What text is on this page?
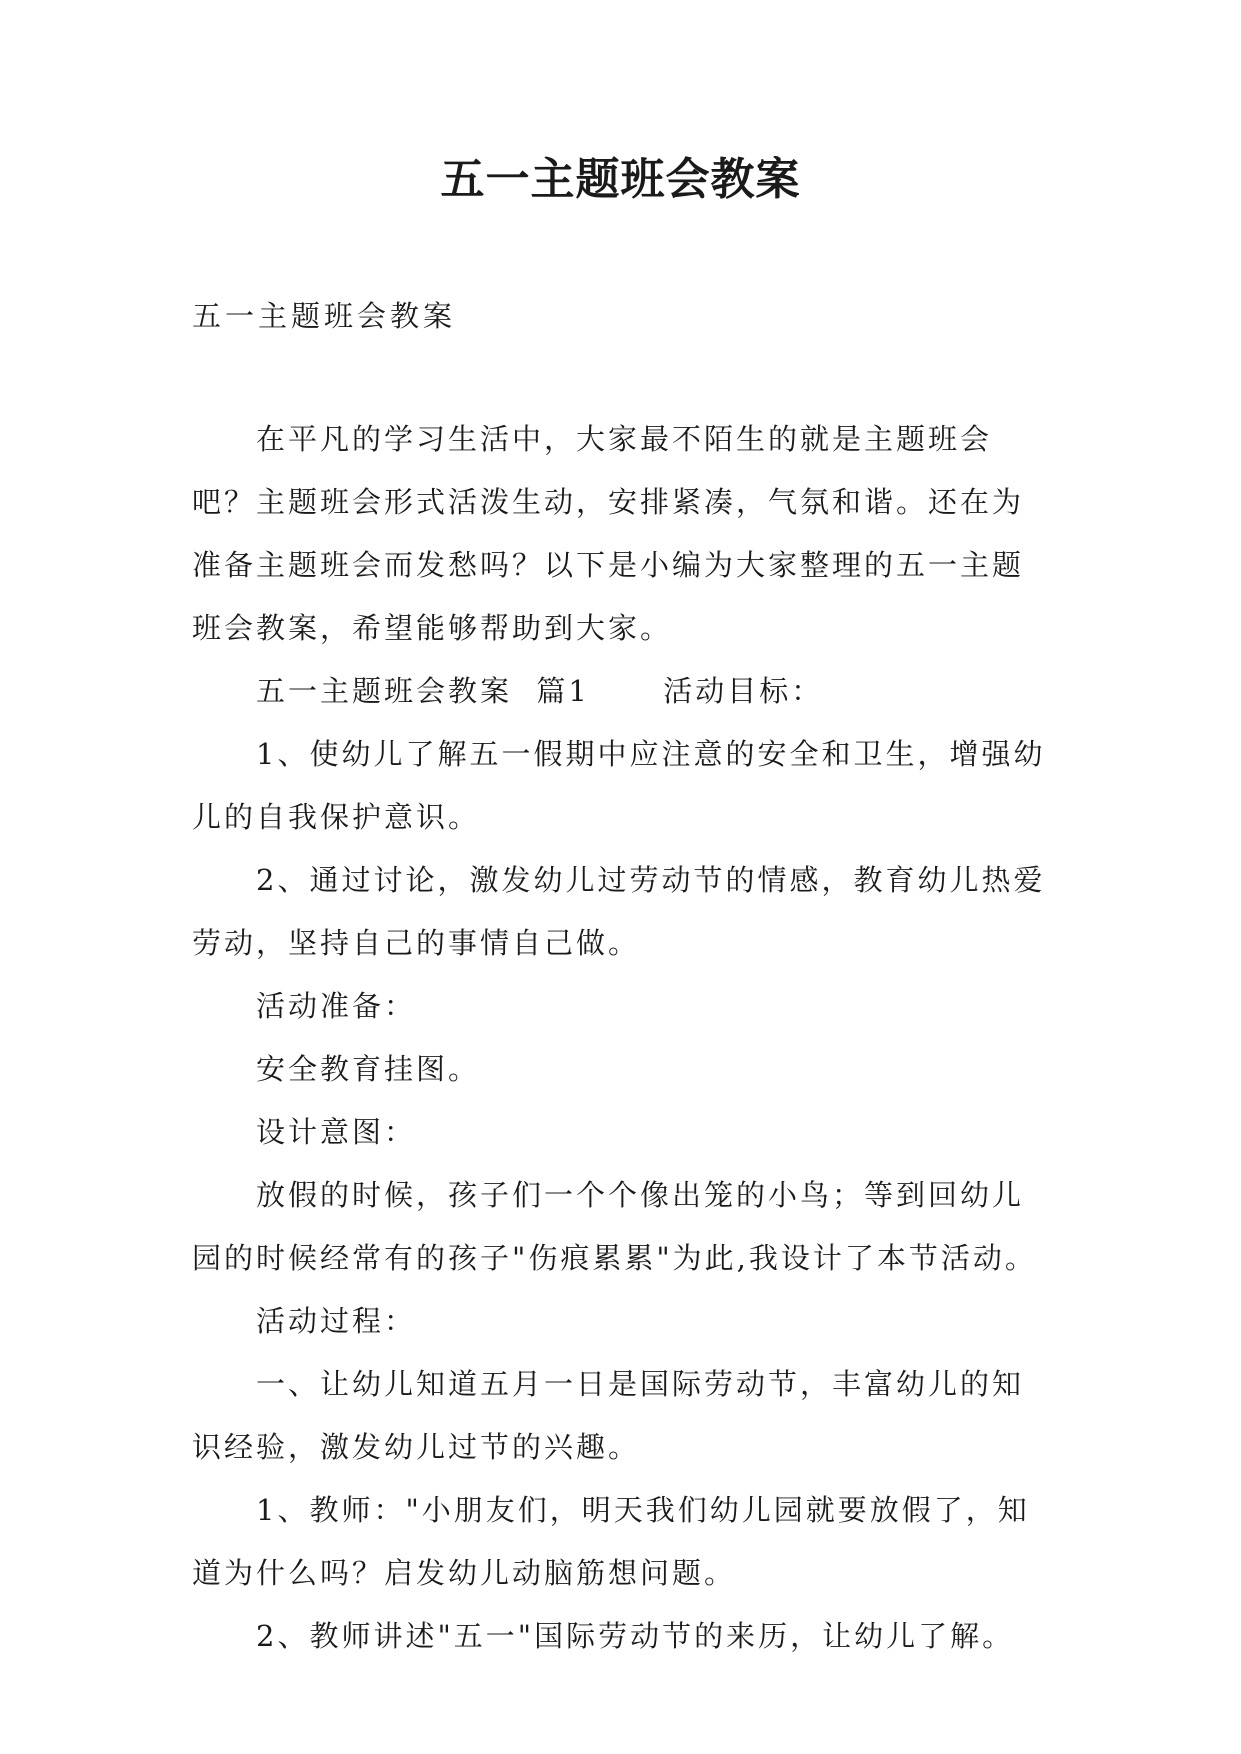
五一主题班会教案
五一主题班会教案

在平凡的学习生活中，大家最不陌生的就是主题班会吧？主题班会形式活泼生动，安排紧凑，气氛和谐。还在为准备主题班会而发愁吗？以下是小编为大家整理的五一主题班会教案，希望能够帮助到大家。

五一主题班会教案  篇1      活动目标：

1、使幼儿了解五一假期中应注意的安全和卫生，增强幼儿的自我保护意识。

2、通过讨论，激发幼儿过劳动节的情感，教育幼儿热爱劳动，坚持自己的事情自己做。

活动准备：

安全教育挂图。

设计意图：

放假的时候，孩子们一个个像出笼的小鸟；等到回幼儿园的时候经常有的孩子"伤痕累累"为此,我设计了本节活动。

活动过程：

一、让幼儿知道五月一日是国际劳动节，丰富幼儿的知识经验，激发幼儿过节的兴趣。

1、教师："小朋友们，明天我们幼儿园就要放假了，知道为什么吗？启发幼儿动脑筋想问题。

2、教师讲述"五一"国际劳动节的来历，让幼儿了解。
